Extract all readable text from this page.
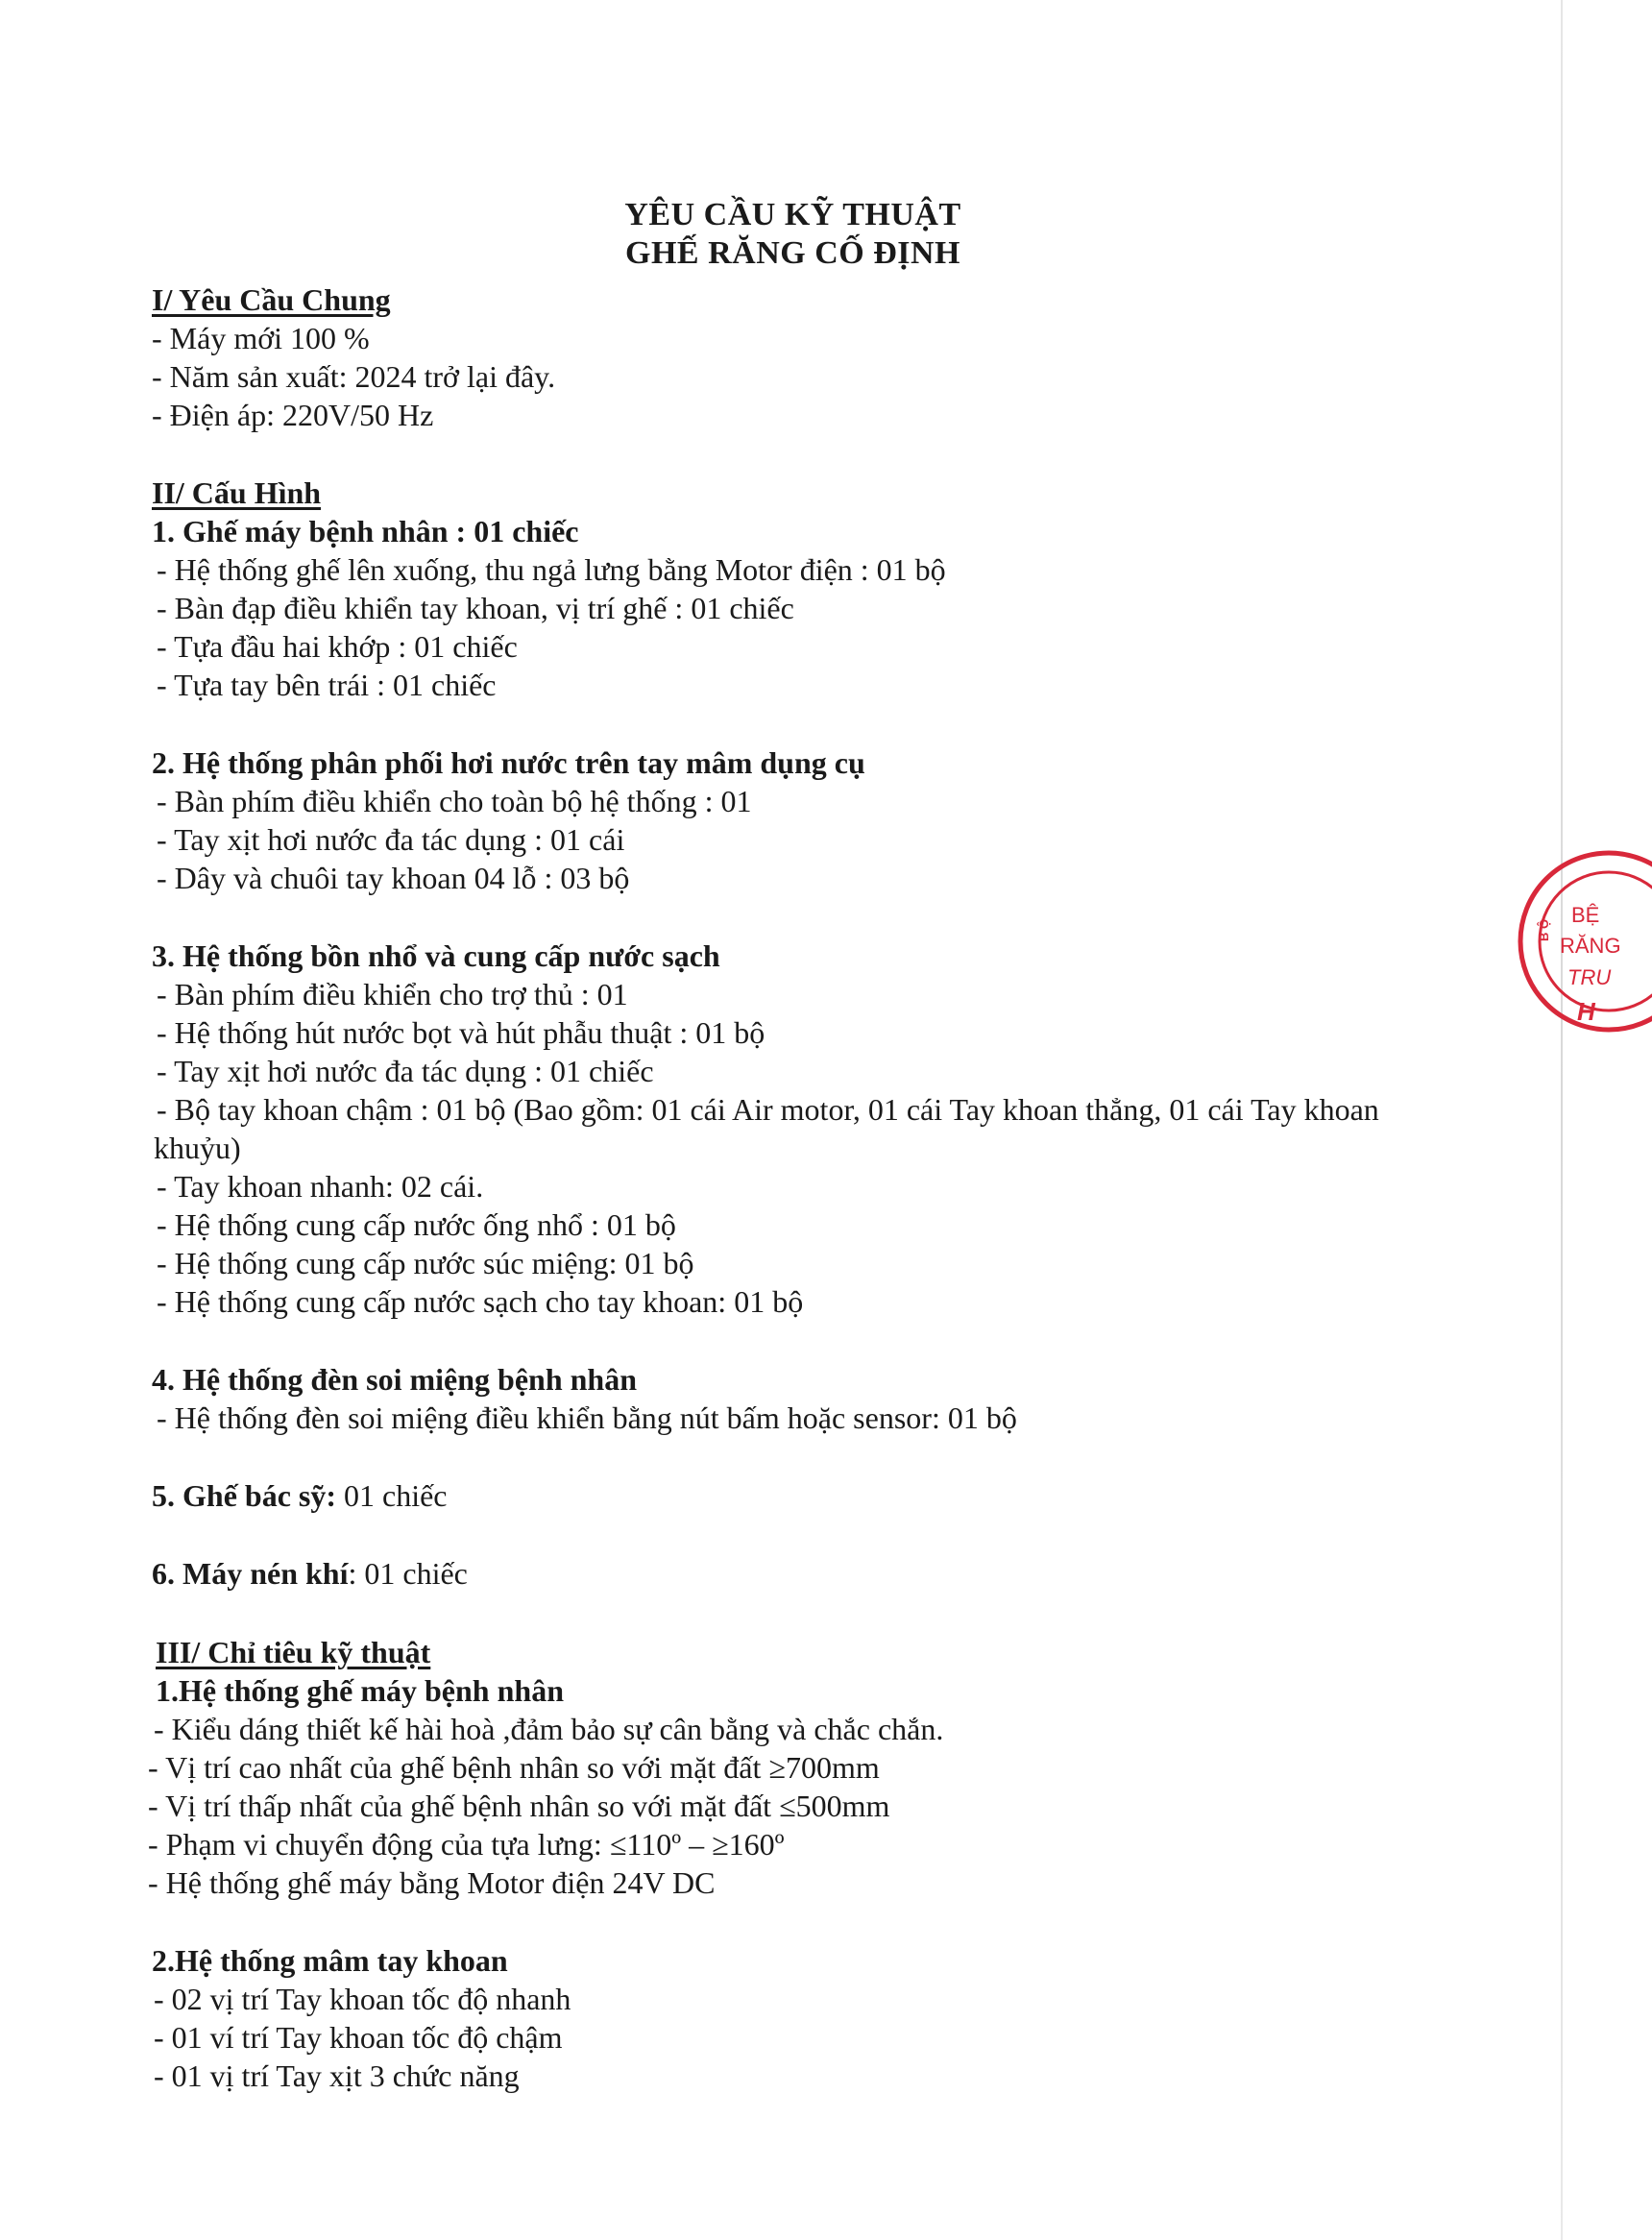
YÊU CẦU KỸ THUẬT
GHẾ RĂNG CỐ ĐỊNH
I/ Yêu Cầu Chung
- Máy mới 100 %
- Năm sản xuất: 2024 trở lại đây.
- Điện áp: 220V/50 Hz
II/ Cấu Hình
1. Ghế máy bệnh nhân : 01 chiếc
- Hệ thống ghế lên xuống, thu ngả lưng bằng Motor điện : 01 bộ
- Bàn đạp điều khiển tay khoan, vị trí ghế : 01 chiếc
- Tựa đầu hai khớp : 01 chiếc
- Tựa tay bên trái : 01 chiếc
2. Hệ thống phân phối hơi nước trên tay mâm dụng cụ
- Bàn phím điều khiển cho toàn bộ hệ thống : 01
- Tay xịt hơi nước đa tác dụng : 01 cái
- Dây và chuôi tay khoan 04 lỗ : 03 bộ
3. Hệ thống bồn nhổ và cung cấp nước sạch
- Bàn phím điều khiển cho trợ thủ : 01
- Hệ thống hút nước bọt và hút phẫu thuật : 01 bộ
- Tay xịt hơi nước đa tác dụng : 01 chiếc
- Bộ tay khoan chậm : 01 bộ (Bao gồm: 01 cái Air motor, 01 cái Tay khoan thẳng, 01 cái Tay khoan
khuỷu)
- Tay khoan nhanh: 02 cái.
- Hệ thống cung cấp nước ống nhổ : 01 bộ
- Hệ thống cung cấp nước súc miệng: 01 bộ
- Hệ thống cung cấp nước sạch cho tay khoan: 01 bộ
4. Hệ thống đèn soi miệng bệnh nhân
- Hệ thống đèn soi miệng điều khiển bằng nút bấm hoặc sensor: 01 bộ
5. Ghế bác sỹ: 01 chiếc
6. Máy nén khí: 01 chiếc
III/ Chỉ tiêu kỹ thuật
1.Hệ thống ghế máy bệnh nhân
- Kiểu dáng thiết kế hài hoà ,đảm bảo sự cân bằng và chắc chắn.
- Vị trí cao nhất của ghế bệnh nhân so với mặt đất ≥700mm
- Vị trí thấp nhất của ghế bệnh nhân so với mặt đất ≤500mm
- Phạm vi chuyển động của tựa lưng: ≤110º – ≥160º
- Hệ thống ghế máy bằng Motor điện 24V DC
2.Hệ thống mâm tay khoan
- 02 vị trí Tay khoan tốc độ nhanh
- 01 ví trí Tay khoan tốc độ chậm
- 01 vị trí Tay xịt 3 chức năng
B Ộ
BỆ
RĂNG
TRU
H
